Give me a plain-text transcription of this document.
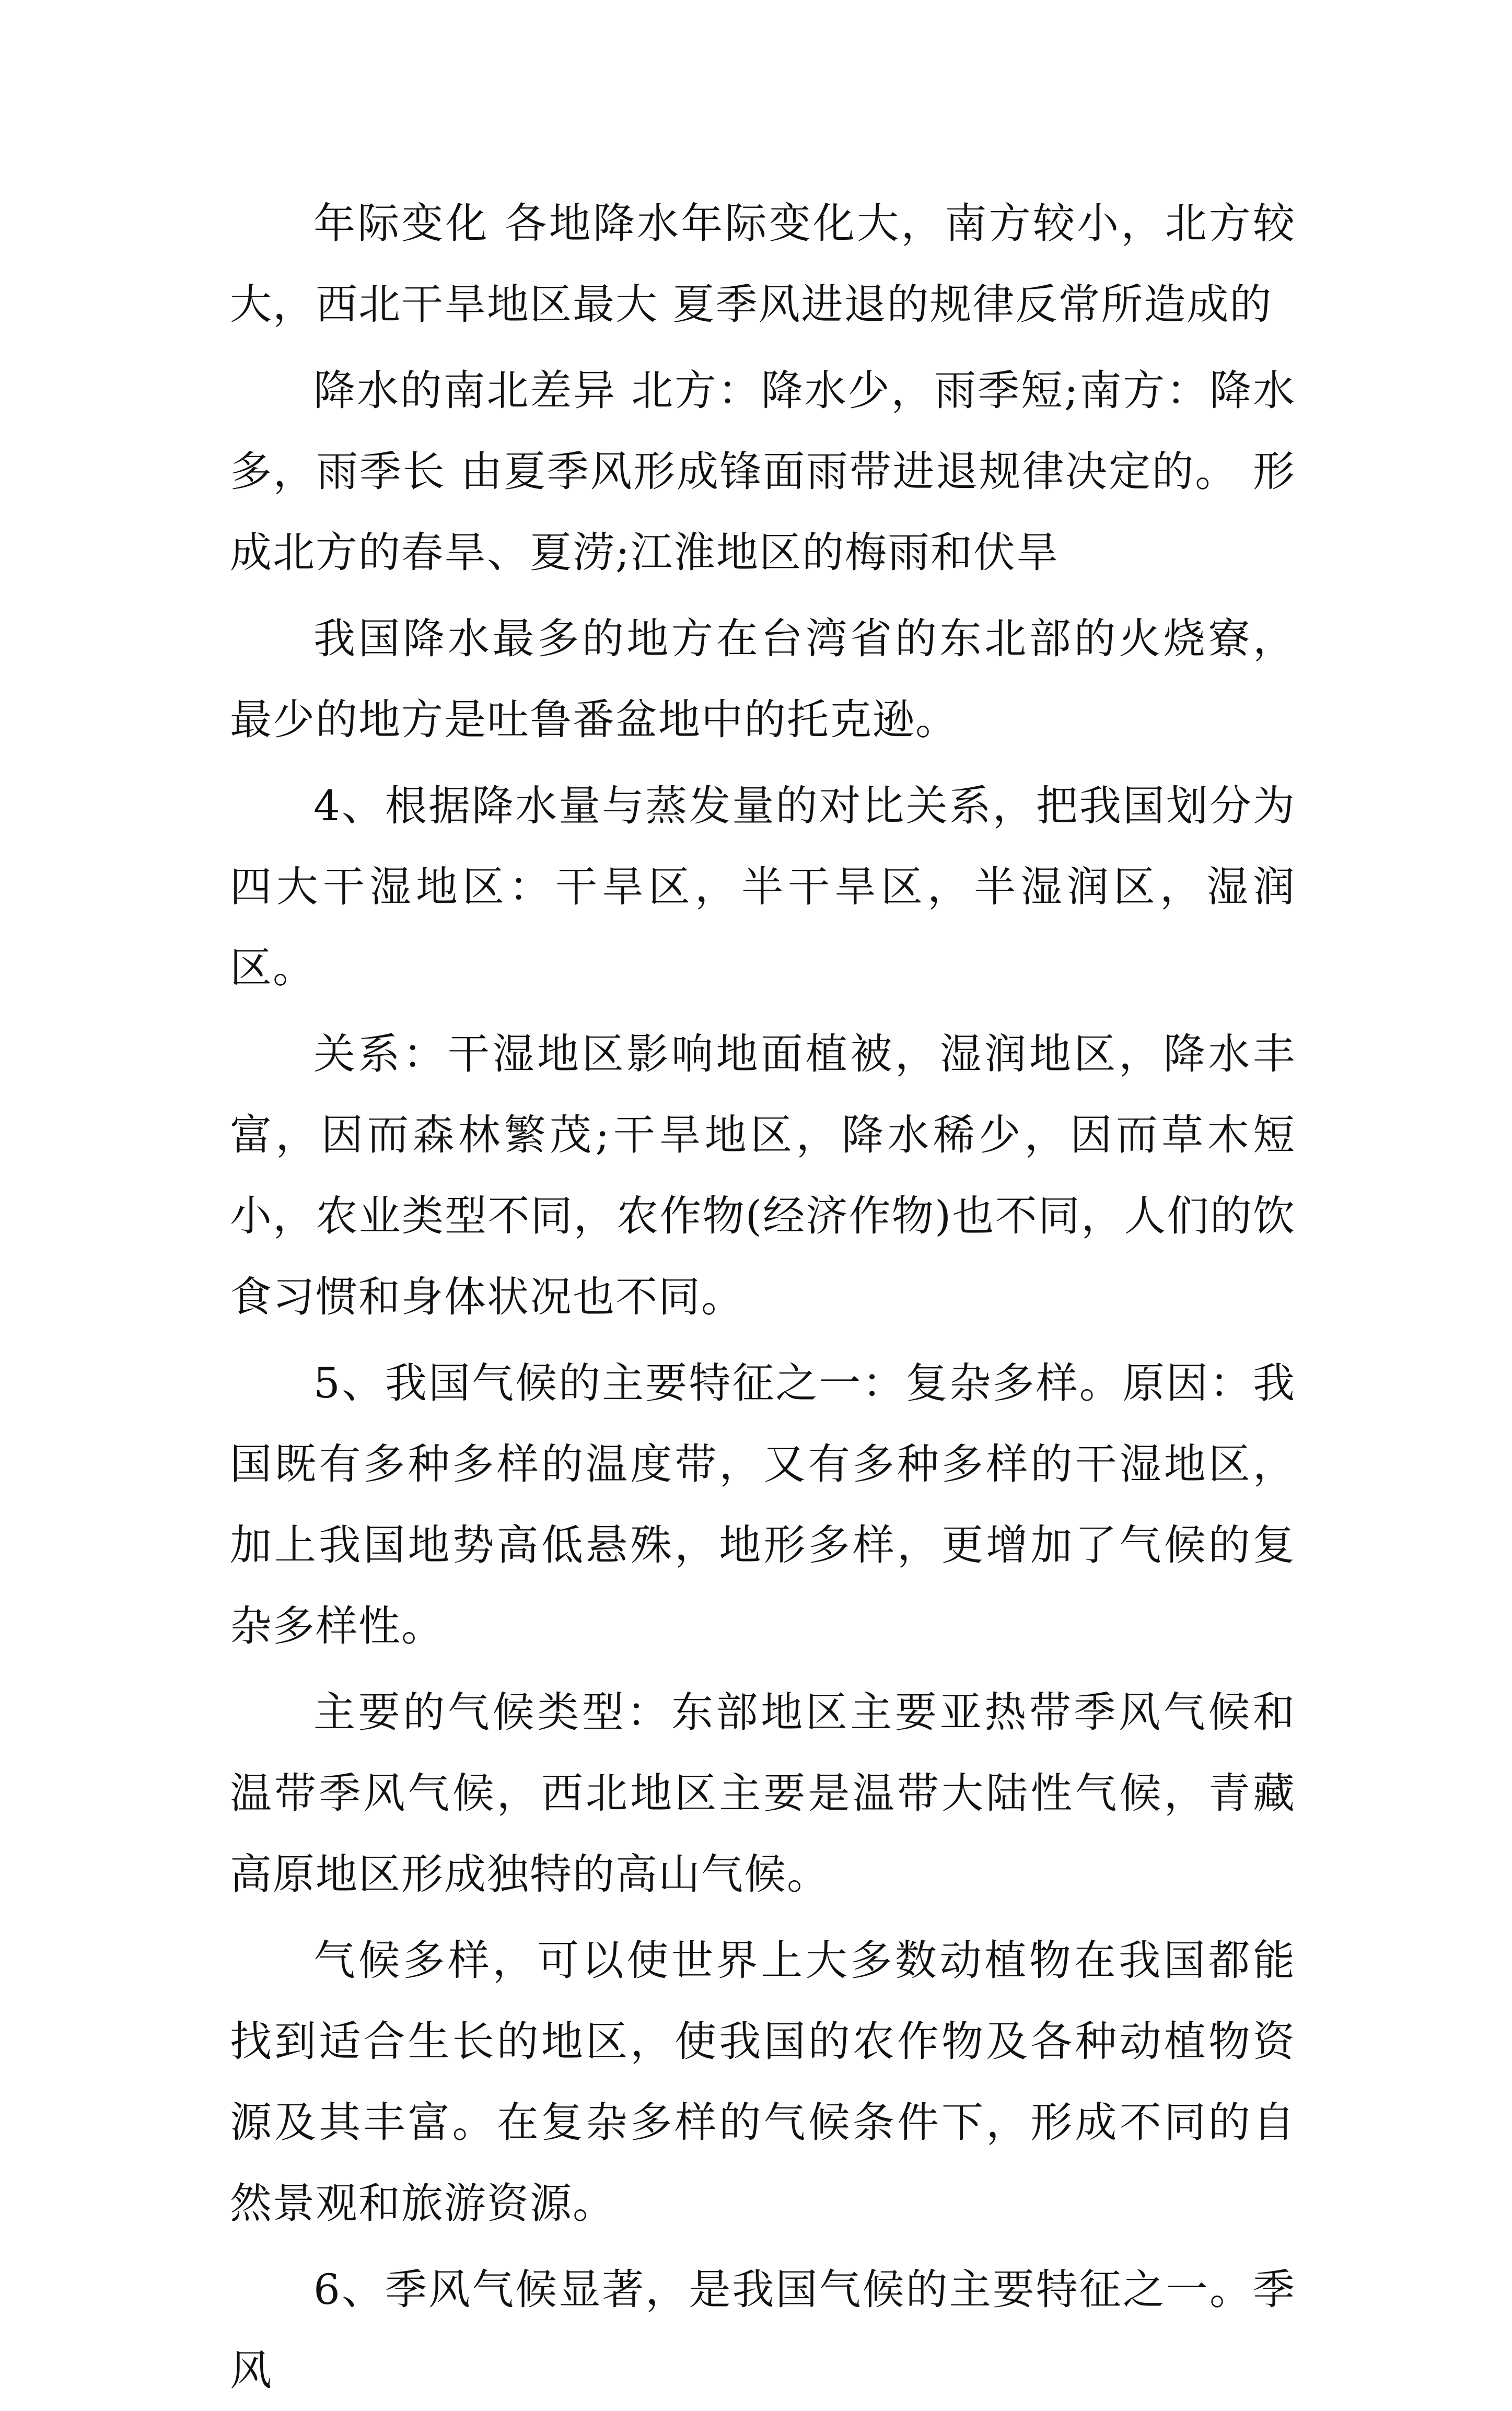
年际变化 各地降水年际变化大，南方较小，北方较大，西北干旱地区最大 夏季风进退的规律反常所造成的

降水的南北差异 北方：降水少，雨季短;南方：降水多，雨季长 由夏季风形成锋面雨带进退规律决定的。 形成北方的春旱、夏涝;江淮地区的梅雨和伏旱

我国降水最多的地方在台湾省的东北部的火烧寮，最少的地方是吐鲁番盆地中的托克逊。

4、根据降水量与蒸发量的对比关系，把我国划分为四大干湿地区：干旱区，半干旱区，半湿润区，湿润区。

关系：干湿地区影响地面植被，湿润地区，降水丰富，因而森林繁茂;干旱地区，降水稀少，因而草木短小，农业类型不同，农作物(经济作物)也不同，人们的饮食习惯和身体状况也不同。

5、我国气候的主要特征之一：复杂多样。原因：我国既有多种多样的温度带，又有多种多样的干湿地区，加上我国地势高低悬殊，地形多样，更增加了气候的复杂多样性。

主要的气候类型：东部地区主要亚热带季风气候和温带季风气候，西北地区主要是温带大陆性气候，青藏高原地区形成独特的高山气候。

气候多样，可以使世界上大多数动植物在我国都能找到适合生长的地区，使我国的农作物及各种动植物资源及其丰富。在复杂多样的气候条件下，形成不同的自然景观和旅游资源。

6、季风气候显著，是我国气候的主要特征之一。季风
